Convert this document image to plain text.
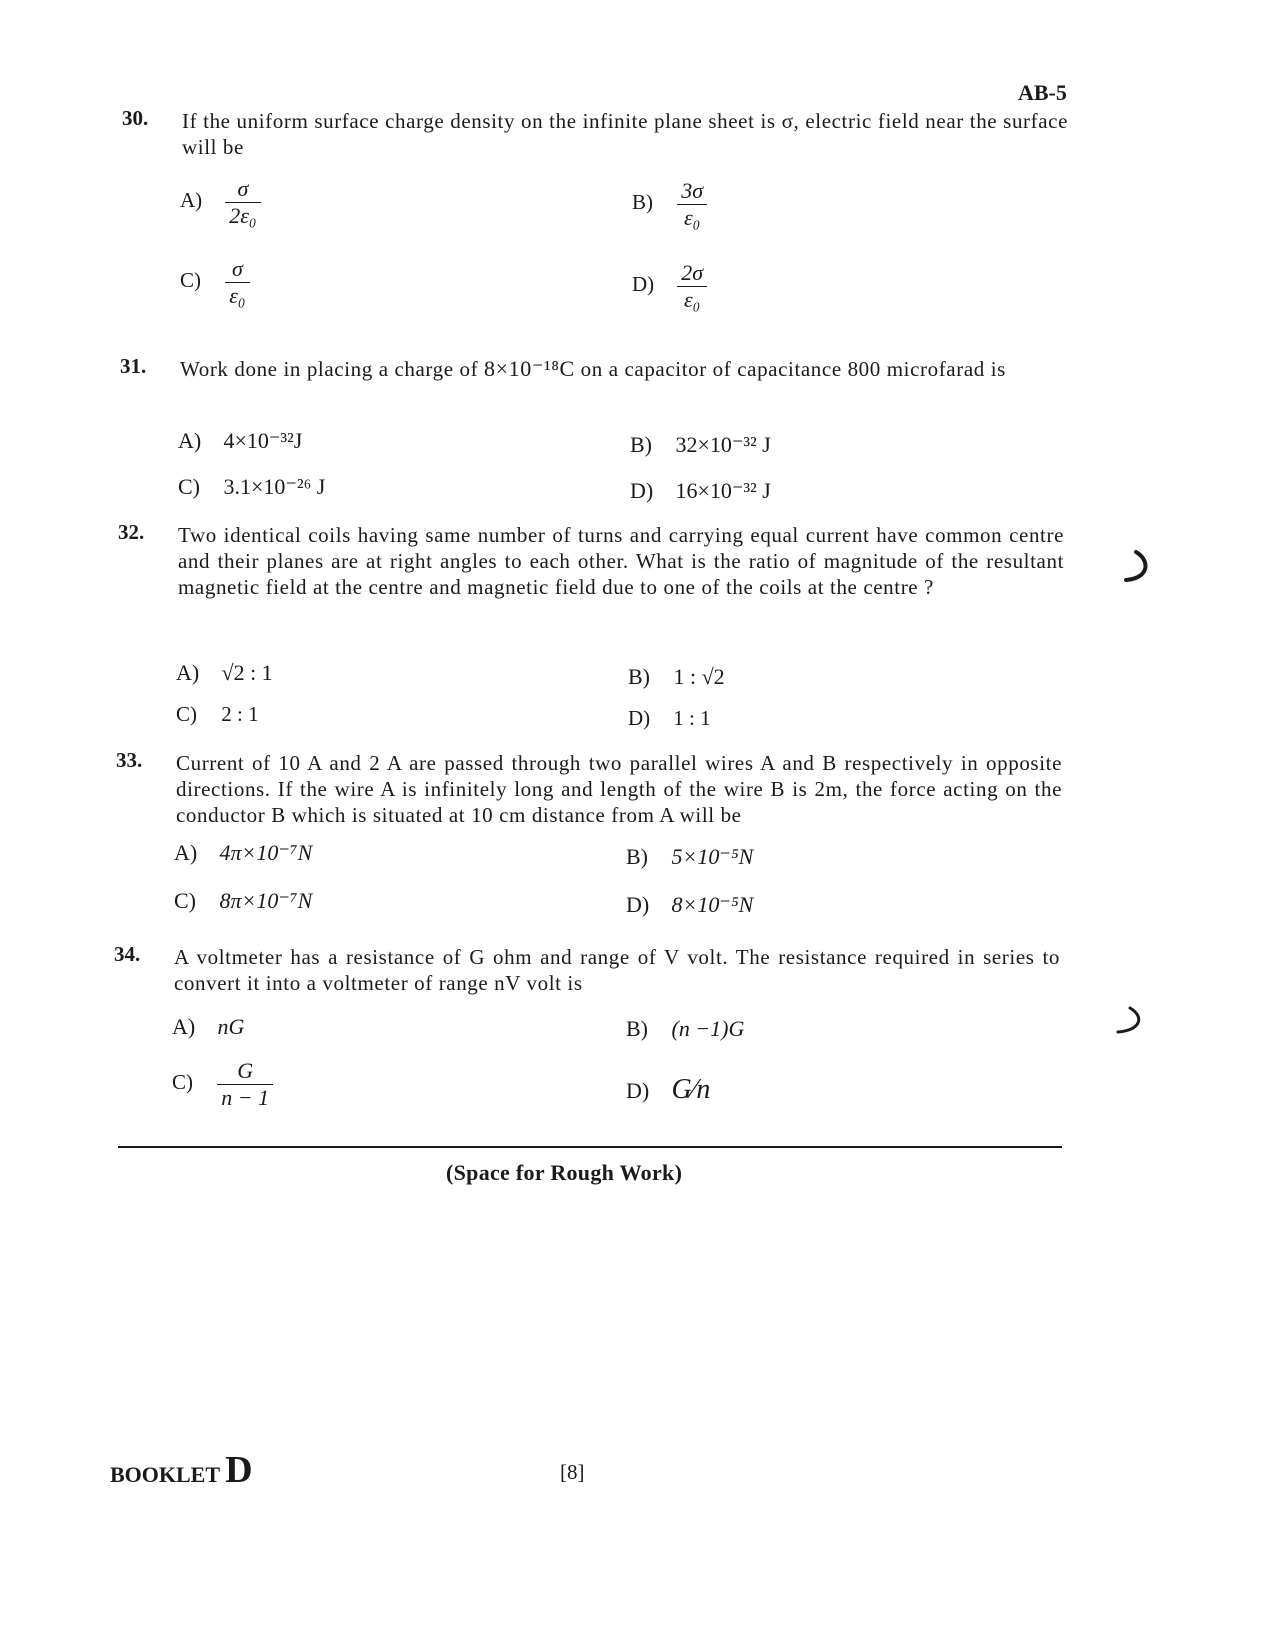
AB-5
30. If the uniform surface charge density on the infinite plane sheet is σ, electric field near the surface will be
$A) \frac{\sigma}{\text{2ε₀}}$	$B) \frac{3\sigma}{\text{ε₀}}$
$C) \frac{\sigma}{\text{ε₀}}$	$D) \frac{2\sigma}{\text{ε₀}}$
31. Work done in placing a charge of 8×10⁻¹⁸C on a capacitor of capacitance 800 microfarad is
A) 4×10⁻³²J	B) 32×10⁻³² J
C) 3.1×10⁻²⁶ J	D) 16×10⁻³² J
32. Two identical coils having same number of turns and carrying equal current have common centre and their planes are at right angles to each other. What is the ratio of magnitude of the resultant magnetic field at the centre and magnetic field due to one of the coils at the centre ?
A) √2 : 1	B) 1 : √2
C) 2 : 1	D) 1 : 1
33. Current of 10 A and 2 A are passed through two parallel wires A and B respectively in opposite directions. If the wire A is infinitely long and length of the wire B is 2m, the force acting on the conductor B which is situated at 10 cm distance from A will be
A) 4π×10⁻⁷N	B) 5×10⁻⁵N
C) 8π×10⁻⁷N	D) 8×10⁻⁵N
34. A voltmeter has a resistance of G ohm and range of V volt. The resistance required in series to convert it into a voltmeter of range nV volt is
A) nG	B) (n −1)G
$C) \frac{G}{n - 1}$	D) G⁄n
(Space for Rough Work)
BOOKLET D	[8]
